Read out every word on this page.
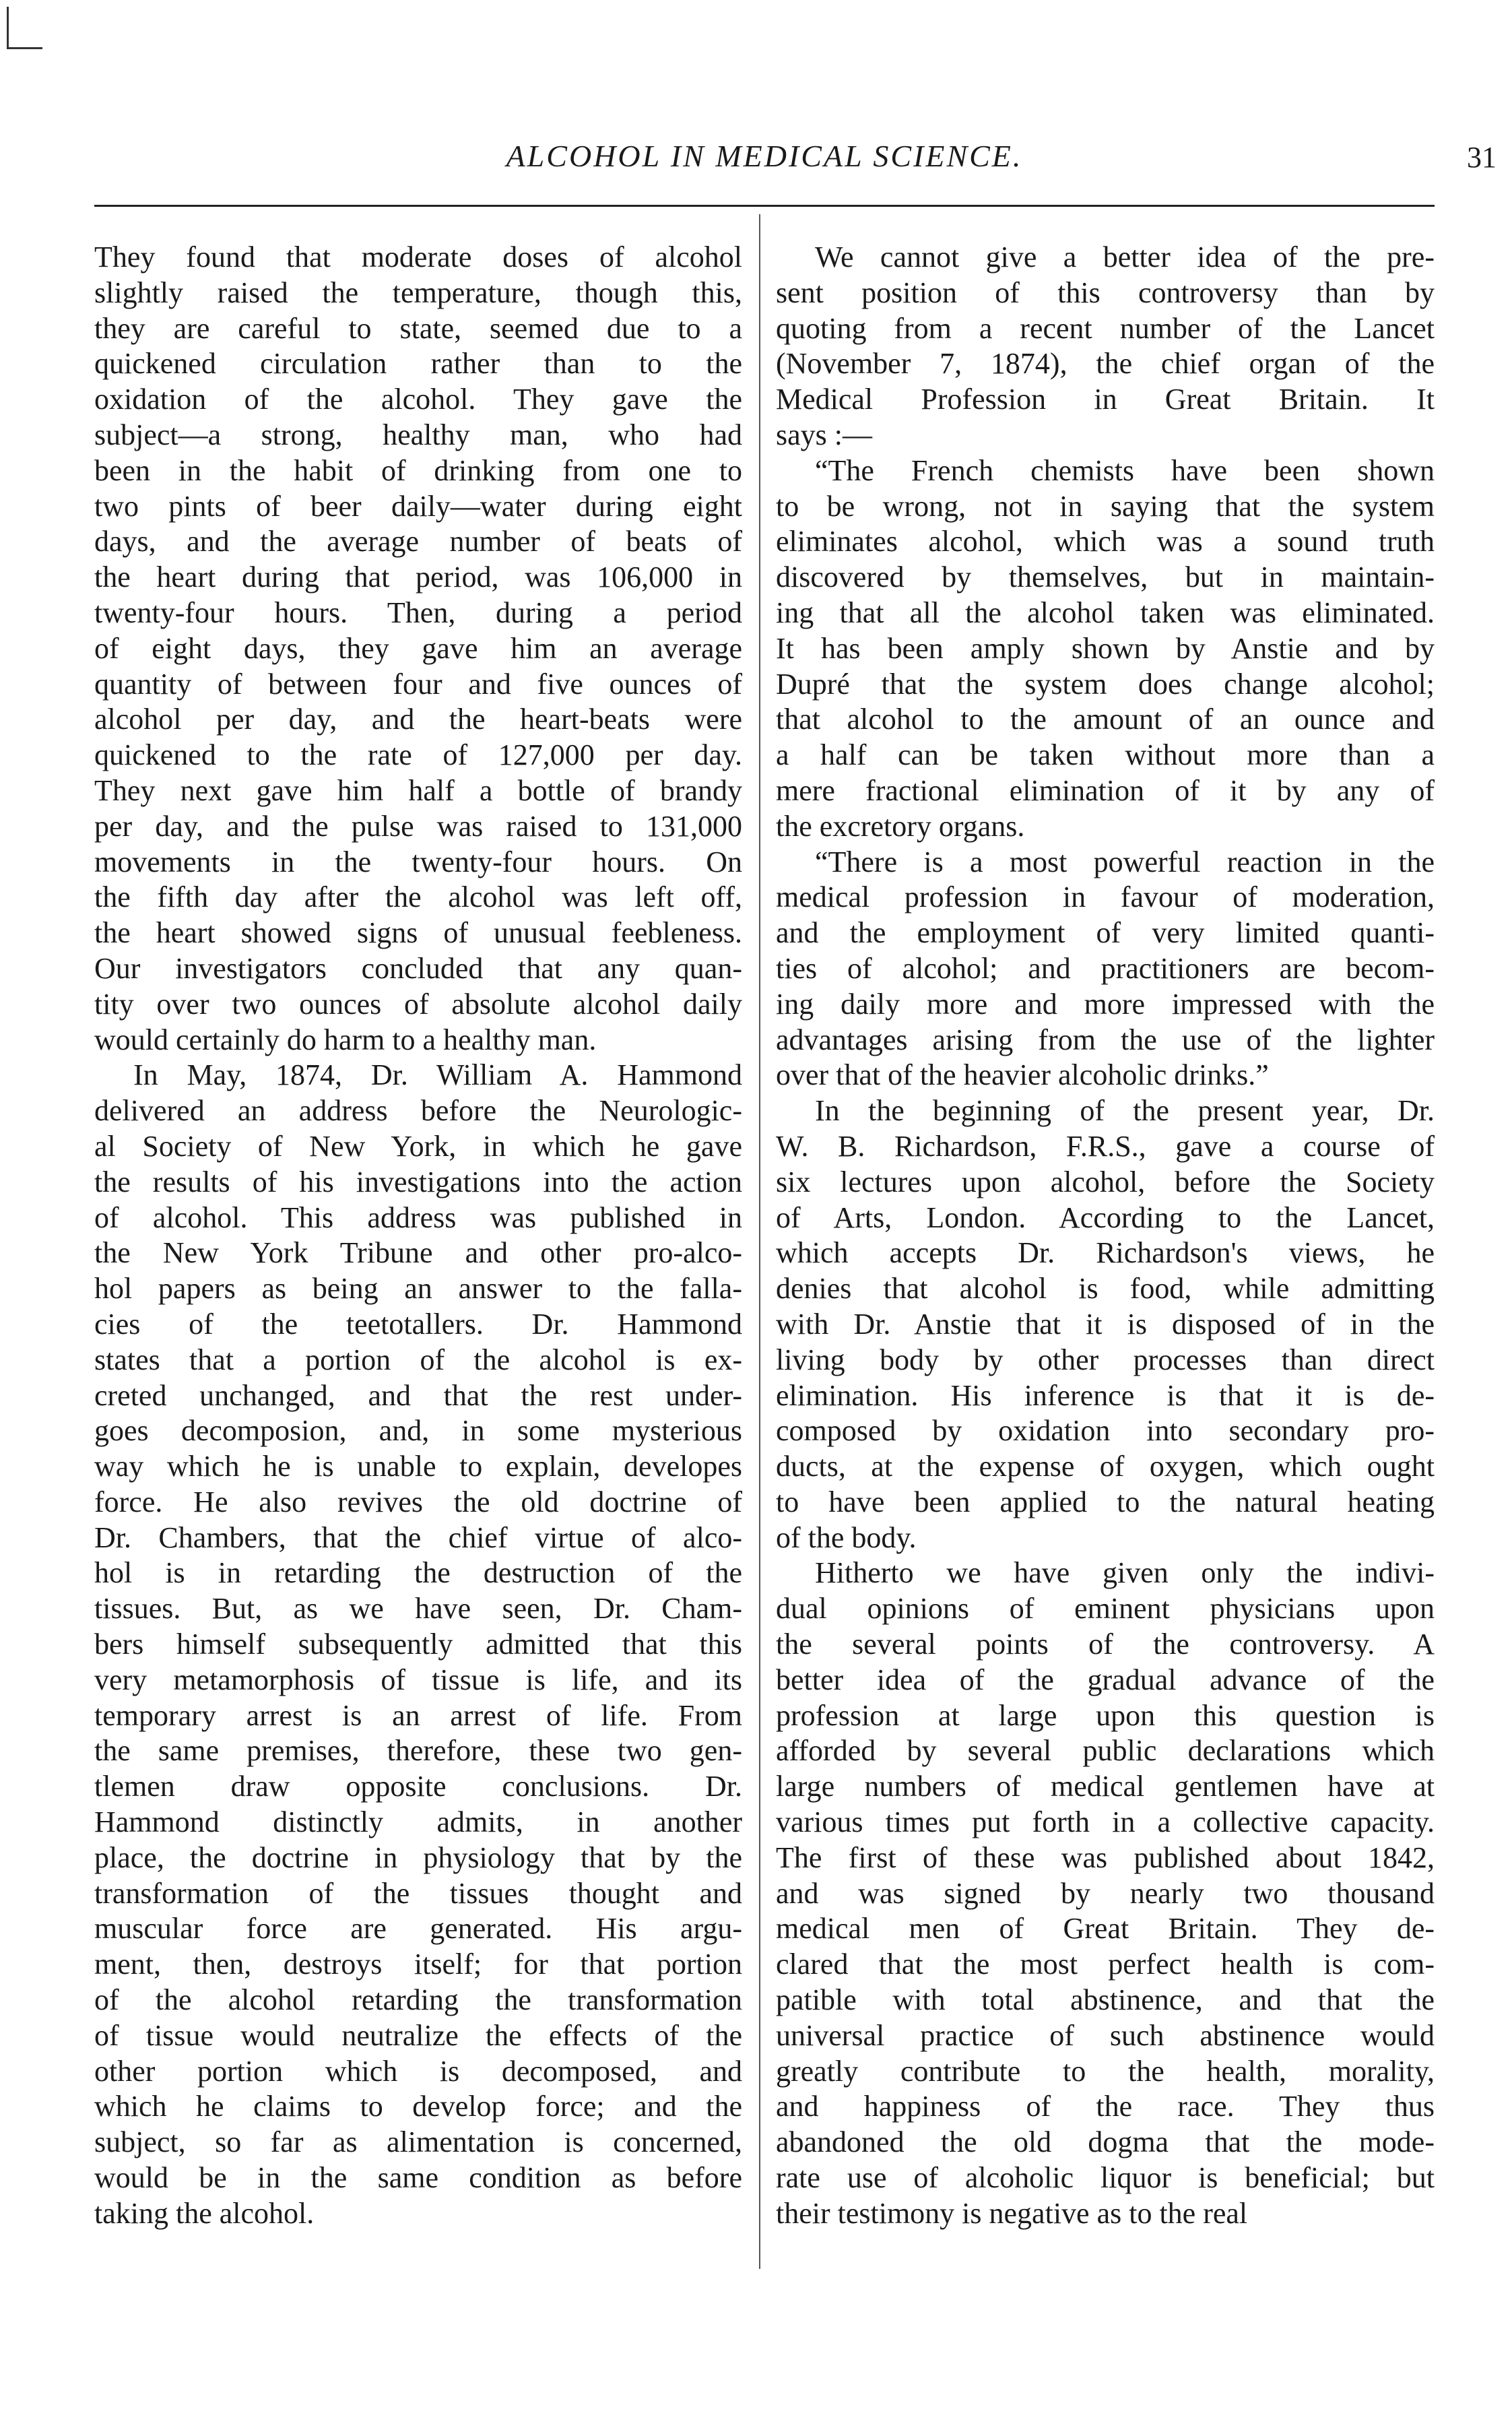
ALCOHOL IN MEDICAL SCIENCE.	31
They found that moderate doses of alcohol
slightly raised the temperature, though this,
they are careful to state, seemed due to a
quickened circulation rather than to the
oxidation of the alcohol. They gave the
subject—a strong, healthy man, who had
been in the habit of drinking from one to
two pints of beer daily—water during eight
days, and the average number of beats of
the heart during that period, was 106,000 in
twenty-four hours. Then, during a period
of eight days, they gave him an average
quantity of between four and five ounces of
alcohol per day, and the heart-beats were
quickened to the rate of 127,000 per day.
They next gave him half a bottle of brandy
per day, and the pulse was raised to 131,000
movements in the twenty-four hours. On
the fifth day after the alcohol was left off,
the heart showed signs of unusual feebleness.
Our investigators concluded that any quan-
tity over two ounces of absolute alcohol daily
would certainly do harm to a healthy man.
In May, 1874, Dr. William A. Hammond
delivered an address before the Neurologic-
al Society of New York, in which he gave
the results of his investigations into the action
of alcohol. This address was published in
the New York Tribune and other pro-alco-
hol papers as being an answer to the falla-
cies of the teetotallers. Dr. Hammond
states that a portion of the alcohol is ex-
creted unchanged, and that the rest under-
goes decomposion, and, in some mysterious
way which he is unable to explain, developes
force. He also revives the old doctrine of
Dr. Chambers, that the chief virtue of alco-
hol is in retarding the destruction of the
tissues. But, as we have seen, Dr. Cham-
bers himself subsequently admitted that this
very metamorphosis of tissue is life, and its
temporary arrest is an arrest of life. From
the same premises, therefore, these two gen-
tlemen draw opposite conclusions. Dr.
Hammond distinctly admits, in another
place, the doctrine in physiology that by the
transformation of the tissues thought and
muscular force are generated. His argu-
ment, then, destroys itself; for that portion
of the alcohol retarding the transformation
of tissue would neutralize the effects of the
other portion which is decomposed, and
which he claims to develop force; and the
subject, so far as alimentation is concerned,
would be in the same condition as before
taking the alcohol.
We cannot give a better idea of the pre-
sent position of this controversy than by
quoting from a recent number of the Lancet
(November 7, 1874), the chief organ of the
Medical Profession in Great Britain. It
says :—
“The French chemists have been shown
to be wrong, not in saying that the system
eliminates alcohol, which was a sound truth
discovered by themselves, but in maintain-
ing that all the alcohol taken was eliminated.
It has been amply shown by Anstie and by
Dupré that the system does change alcohol;
that alcohol to the amount of an ounce and
a half can be taken without more than a
mere fractional elimination of it by any of
the excretory organs.
“There is a most powerful reaction in the
medical profession in favour of moderation,
and the employment of very limited quanti-
ties of alcohol; and practitioners are becom-
ing daily more and more impressed with the
advantages arising from the use of the lighter
over that of the heavier alcoholic drinks.”
In the beginning of the present year, Dr.
W. B. Richardson, F.R.S., gave a course of
six lectures upon alcohol, before the Society
of Arts, London. According to the Lancet,
which accepts Dr. Richardson's views, he
denies that alcohol is food, while admitting
with Dr. Anstie that it is disposed of in the
living body by other processes than direct
elimination. His inference is that it is de-
composed by oxidation into secondary pro-
ducts, at the expense of oxygen, which ought
to have been applied to the natural heating
of the body.
Hitherto we have given only the indivi-
dual opinions of eminent physicians upon
the several points of the controversy. A
better idea of the gradual advance of the
profession at large upon this question is
afforded by several public declarations which
large numbers of medical gentlemen have at
various times put forth in a collective capacity.
The first of these was published about 1842,
and was signed by nearly two thousand
medical men of Great Britain. They de-
clared that the most perfect health is com-
patible with total abstinence, and that the
universal practice of such abstinence would
greatly contribute to the health, morality,
and happiness of the race. They thus
abandoned the old dogma that the mode-
rate use of alcoholic liquor is beneficial; but
their testimony is negative as to the real
